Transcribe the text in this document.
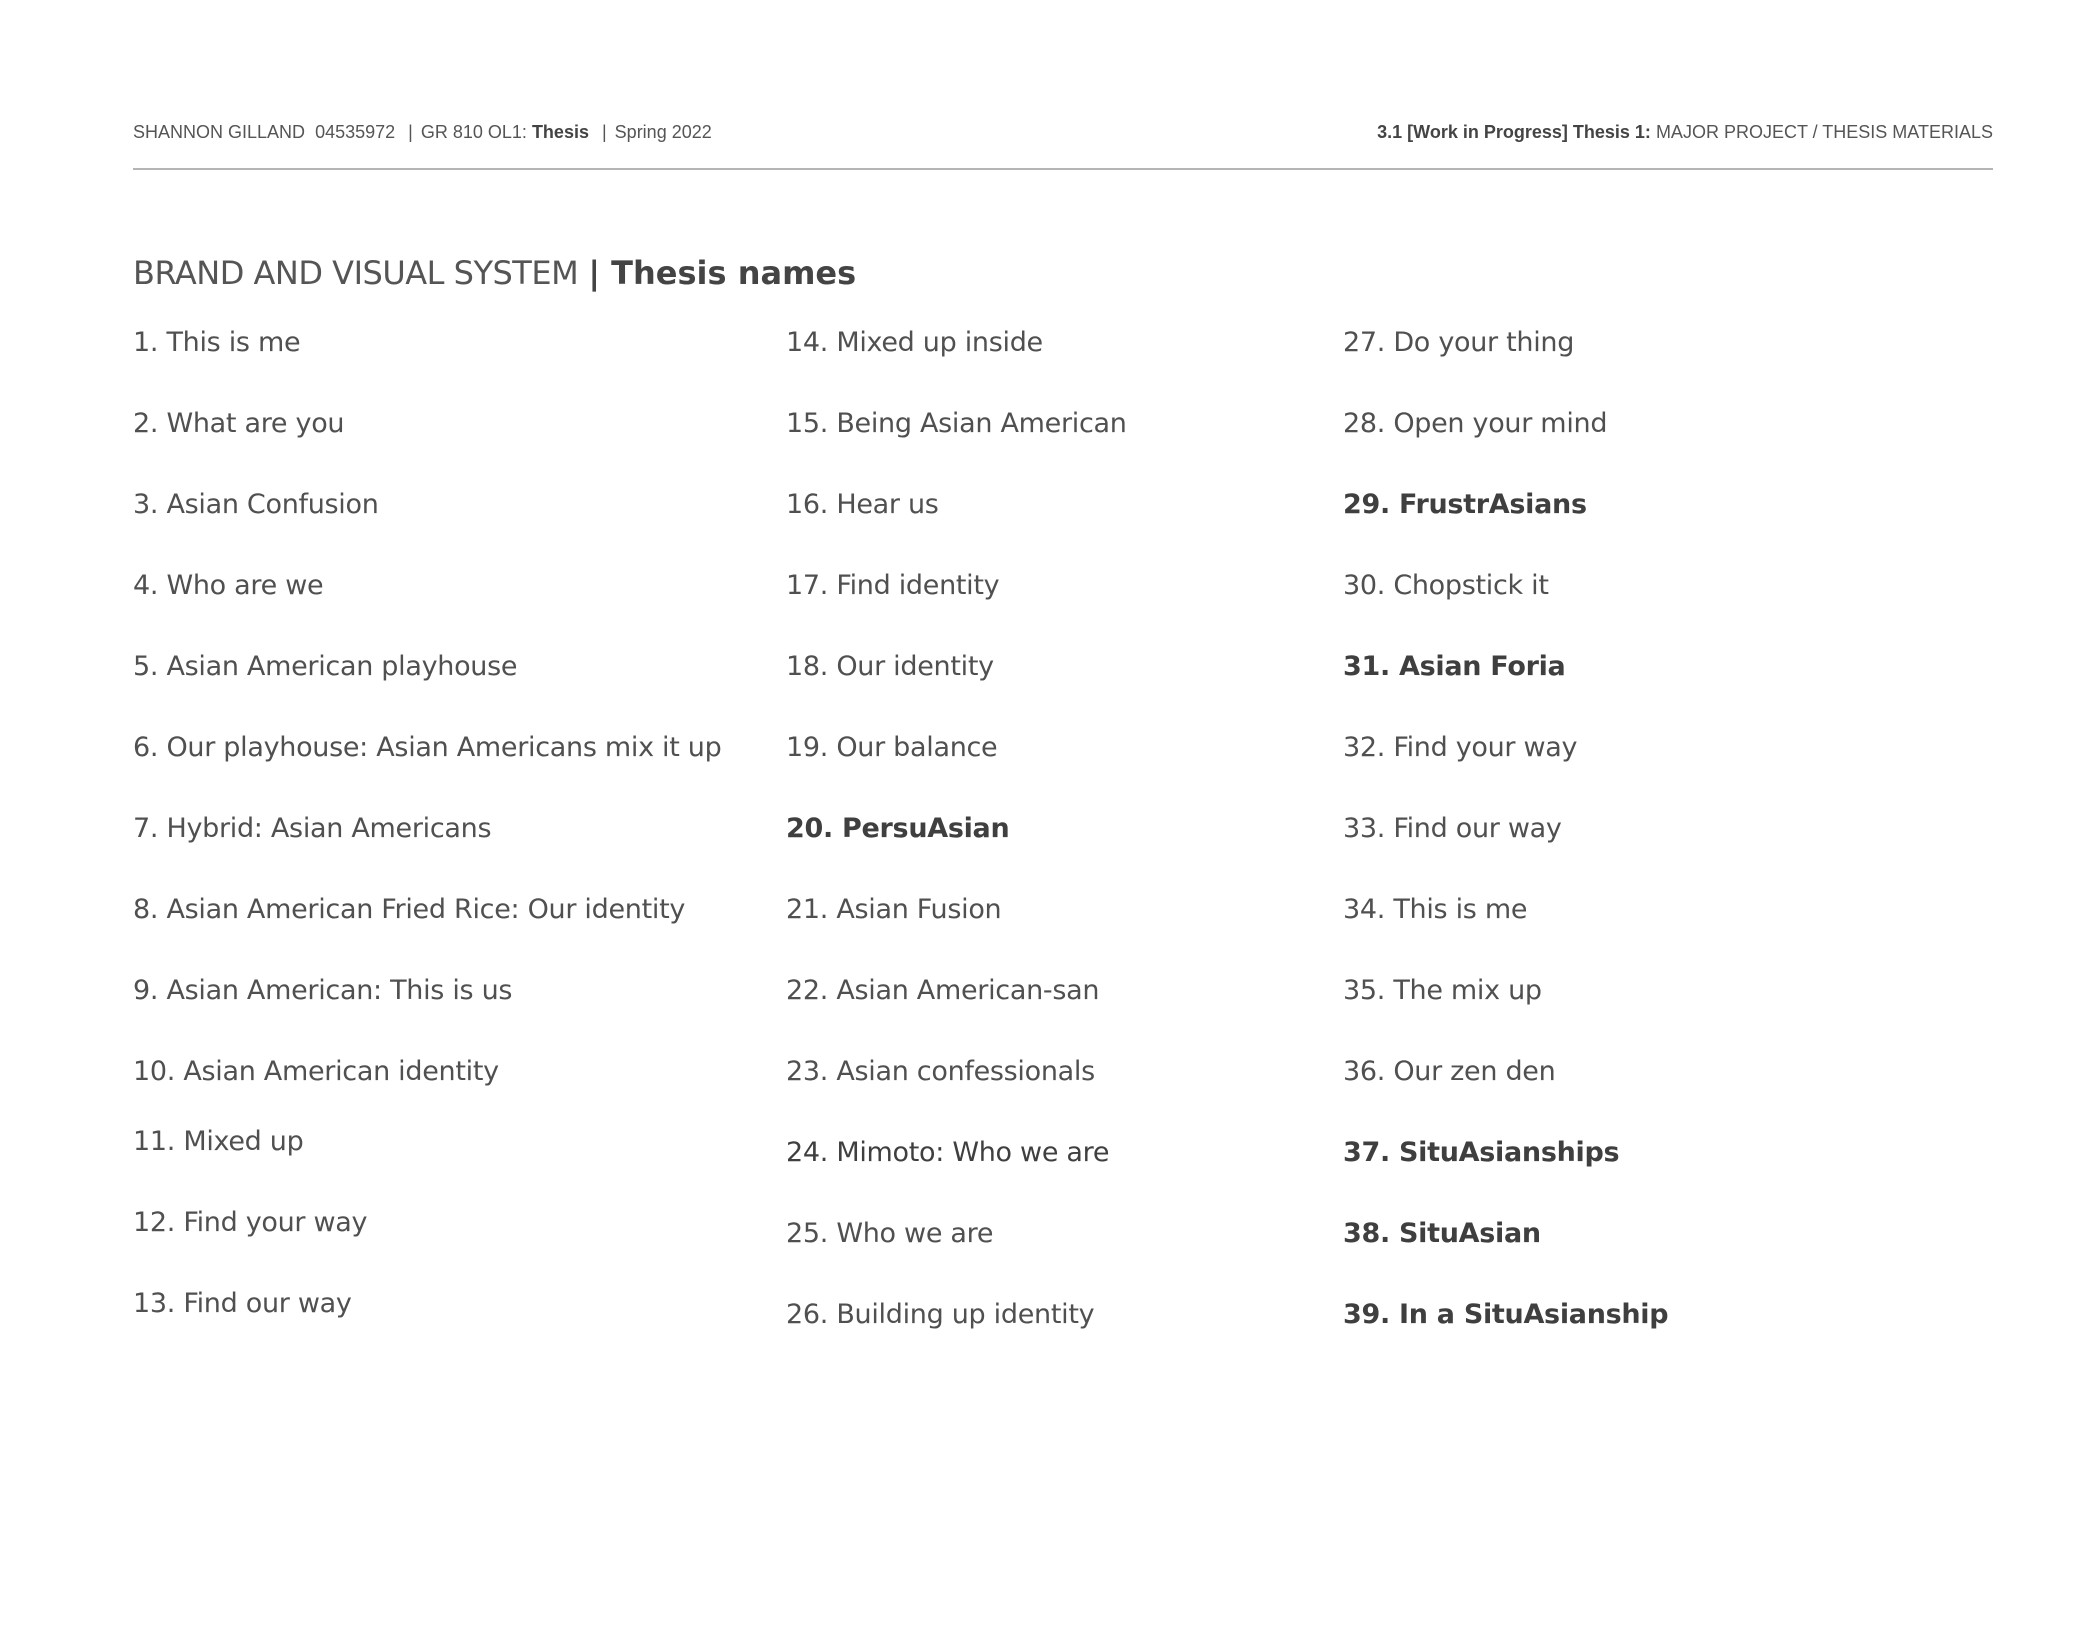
SHANNON GILLAND 04535972 | GR 810 OL1: Thesis | Spring 2022	3.1 [Work in Progress] Thesis 1: MAJOR PROJECT / THESIS MATERIALS
BRAND AND VISUAL SYSTEM | Thesis names
1. This is me
2. What are you
3. Asian Confusion
4. Who are we
5. Asian American playhouse
6. Our playhouse: Asian Americans mix it up
7. Hybrid: Asian Americans
8. Asian American Fried Rice: Our identity
9. Asian American: This is us
10. Asian American identity
11. Mixed up
12. Find your way
13. Find our way
14. Mixed up inside
15. Being Asian American
16. Hear us
17. Find identity
18. Our identity
19. Our balance
20. PersuAsian
21. Asian Fusion
22. Asian American-san
23. Asian confessionals
24. Mimoto: Who we are
25. Who we are
26. Building up identity
27. Do your thing
28. Open your mind
29. FrustrAsians
30. Chopstick it
31. Asian Foria
32. Find your way
33. Find our way
34. This is me
35. The mix up
36. Our zen den
37. SituAsianships
38. SituAsian
39. In a SituAsianship
